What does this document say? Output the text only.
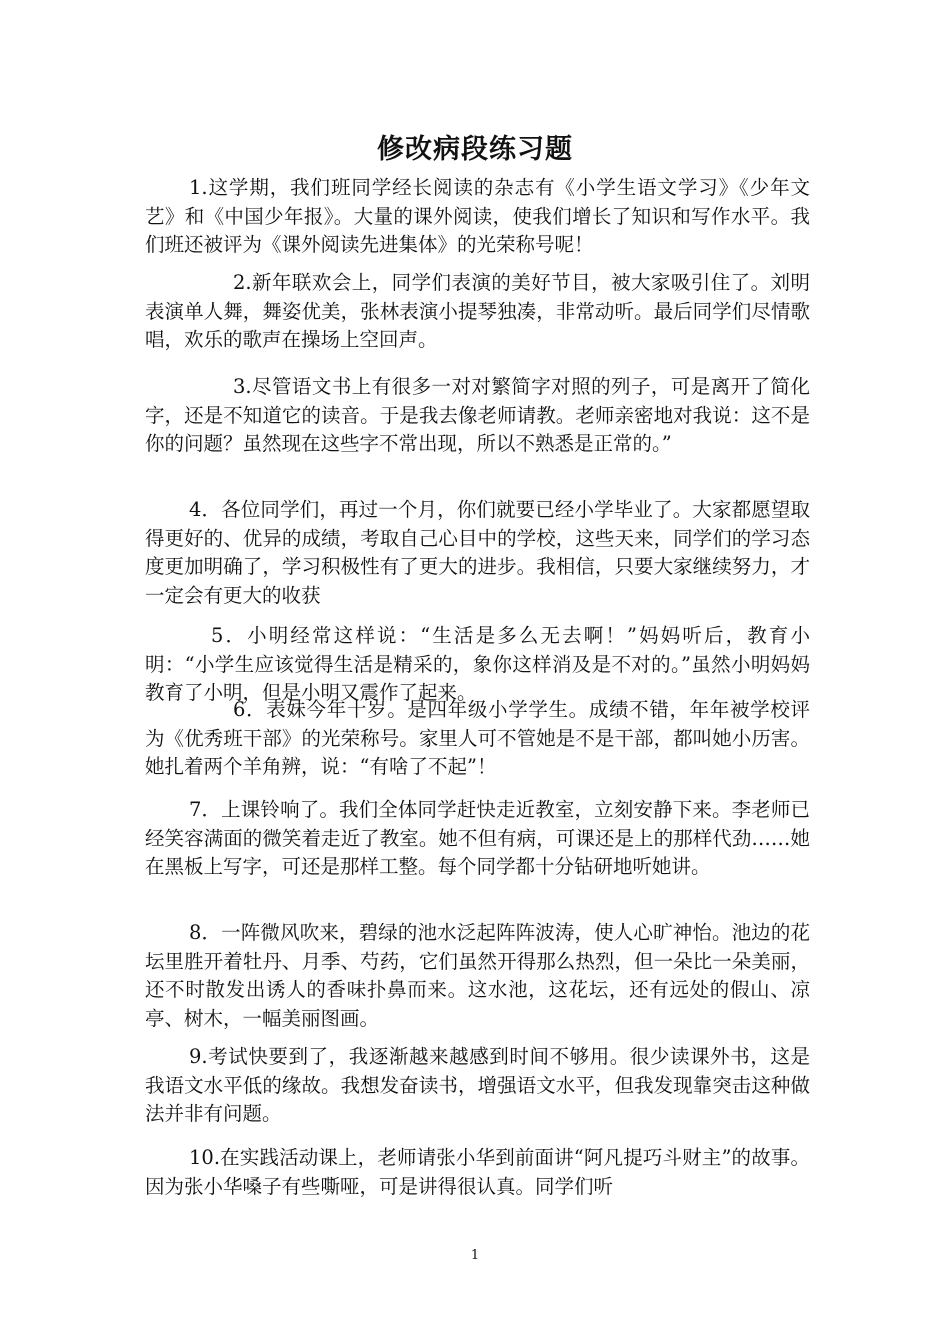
修改病段练习题

1.这学期，我们班同学经长阅读的杂志有《小学生语文学习》《少年文艺》和《中国少年报》。大量的课外阅读，使我们增长了知识和写作水平。我们班还被评为《课外阅读先进集体》的光荣称号呢！

2.新年联欢会上，同学们表演的美好节目，被大家吸引住了。刘明表演单人舞，舞姿优美，张林表演小提琴独凑，非常动听。最后同学们尽情歌唱，欢乐的歌声在操场上空回声。

3.尽管语文书上有很多一对对繁简字对照的列子，可是离开了简化字，还是不知道它的读音。于是我去像老师请教。老师亲密地对我说：这不是你的问题？虽然现在这些字不常出现，所以不熟悉是正常的。”

4．各位同学们，再过一个月，你们就要已经小学毕业了。大家都愿望取得更好的、优异的成绩，考取自己心目中的学校，这些天来，同学们的学习态度更加明确了，学习积极性有了更大的进步。我相信，只要大家继续努力，才一定会有更大的收获

5．小明经常这样说：“生活是多么无去啊！”妈妈听后，教育小明：“小学生应该觉得生活是精采的，象你这样消及是不对的。”虽然小明妈妈教育了小明，但是小明又震作了起来。

6．表妹今年十岁。是四年级小学学生。成绩不错，年年被学校评为《优秀班干部》的光荣称号。家里人可不管她是不是干部，都叫她小历害。她扎着两个羊角辨，说：“有啥了不起”！

7．上课铃响了。我们全体同学赶快走近教室，立刻安静下来。李老师已经笑容满面的微笑着走近了教室。她不但有病，可课还是上的那样代劲……她在黑板上写字，可还是那样工整。每个同学都十分钻研地听她讲。

8．一阵微风吹来，碧绿的池水泛起阵阵波涛，使人心旷神怡。池边的花坛里胜开着牡丹、月季、芍药，它们虽然开得那么热烈，但一朵比一朵美丽，还不时散发出诱人的香味扑鼻而来。这水池，这花坛，还有远处的假山、凉亭、树木，一幅美丽图画。

9.考试快要到了，我逐渐越来越感到时间不够用。很少读课外书，这是我语文水平低的缘故。我想发奋读书，增强语文水平，但我发现靠突击这种做法并非有问题。

10.在实践活动课上，老师请张小华到前面讲“阿凡提巧斗财主”的故事。因为张小华嗓子有些嘶哑，可是讲得很认真。同学们听

1
